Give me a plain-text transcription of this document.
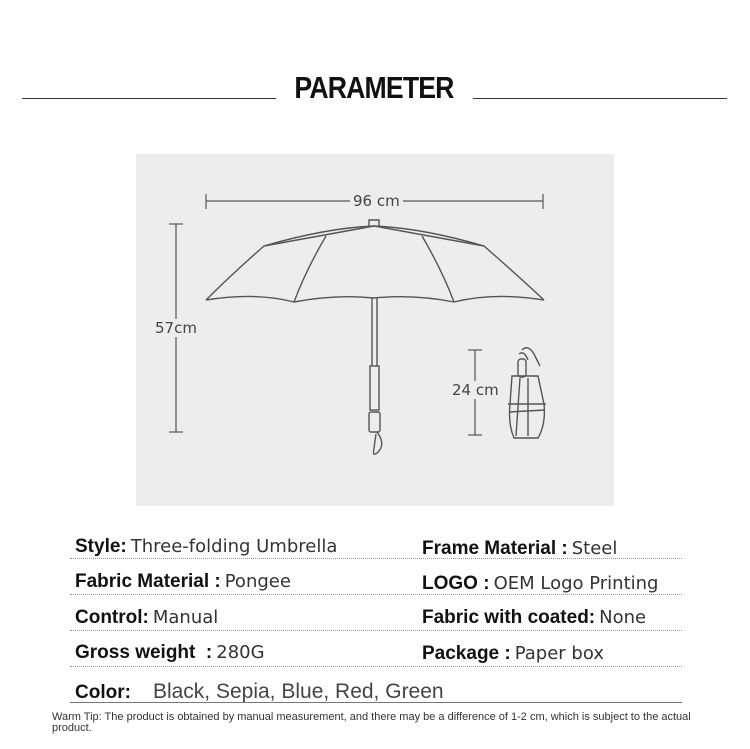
PARAMETER
96 cm
57cm
24 cm
Style: Three-folding Umbrella	Frame Material : Steel
Fabric Material : Pongee	LOGO : OEM Logo Printing
Control: Manual	Fabric with coated: None
Gross weight  : 280G	Package : Paper box
Color: Black, Sepia, Blue, Red, Green
Warm Tip: The product is obtained by manual measurement, and there may be a difference of 1-2 cm, which is subject to the actual product.
